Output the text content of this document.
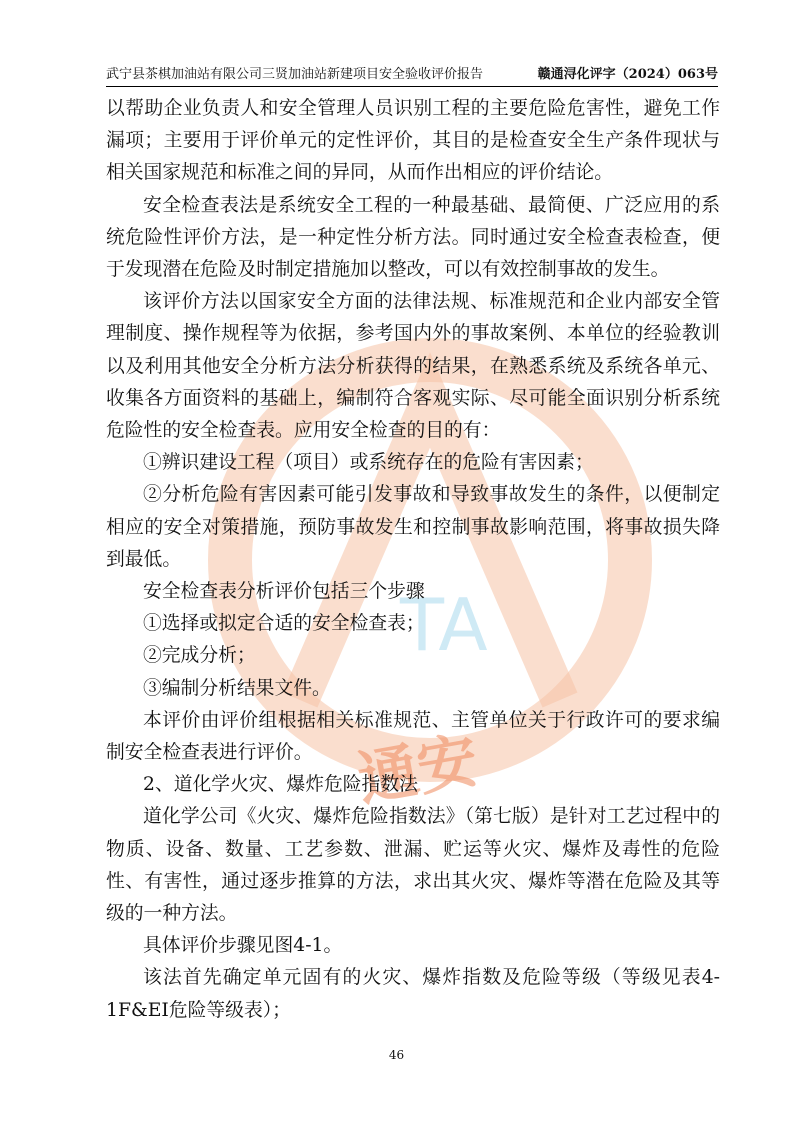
TA
通安
武宁县茶棋加油站有限公司三贤加油站新建项目安全验收评价报告	赣通浔化评字（2024）063号

以帮助企业负责人和安全管理人员识别工程的主要危险危害性，避免工作漏项；主要用于评价单元的定性评价，其目的是检查安全生产条件现状与相关国家规范和标准之间的异同，从而作出相应的评价结论。

安全检查表法是系统安全工程的一种最基础、最简便、广泛应用的系统危险性评价方法，是一种定性分析方法。同时通过安全检查表检查，便于发现潜在危险及时制定措施加以整改，可以有效控制事故的发生。

该评价方法以国家安全方面的法律法规、标准规范和企业内部安全管理制度、操作规程等为依据，参考国内外的事故案例、本单位的经验教训以及利用其他安全分析方法分析获得的结果，在熟悉系统及系统各单元、收集各方面资料的基础上，编制符合客观实际、尽可能全面识别分析系统危险性的安全检查表。应用安全检查的目的有：

①辨识建设工程（项目）或系统存在的危险有害因素；

②分析危险有害因素可能引发事故和导致事故发生的条件，以便制定相应的安全对策措施，预防事故发生和控制事故影响范围，将事故损失降到最低。

安全检查表分析评价包括三个步骤

①选择或拟定合适的安全检查表；

②完成分析；

③编制分析结果文件。

本评价由评价组根据相关标准规范、主管单位关于行政许可的要求编制安全检查表进行评价。

2、道化学火灾、爆炸危险指数法

道化学公司《火灾、爆炸危险指数法》（第七版）是针对工艺过程中的物质、设备、数量、工艺参数、泄漏、贮运等火灾、爆炸及毒性的危险性、有害性，通过逐步推算的方法，求出其火灾、爆炸等潜在危险及其等级的一种方法。

具体评价步骤见图4-1。

该法首先确定单元固有的火灾、爆炸指数及危险等级（等级见表4-1F&EI危险等级表）；

46
